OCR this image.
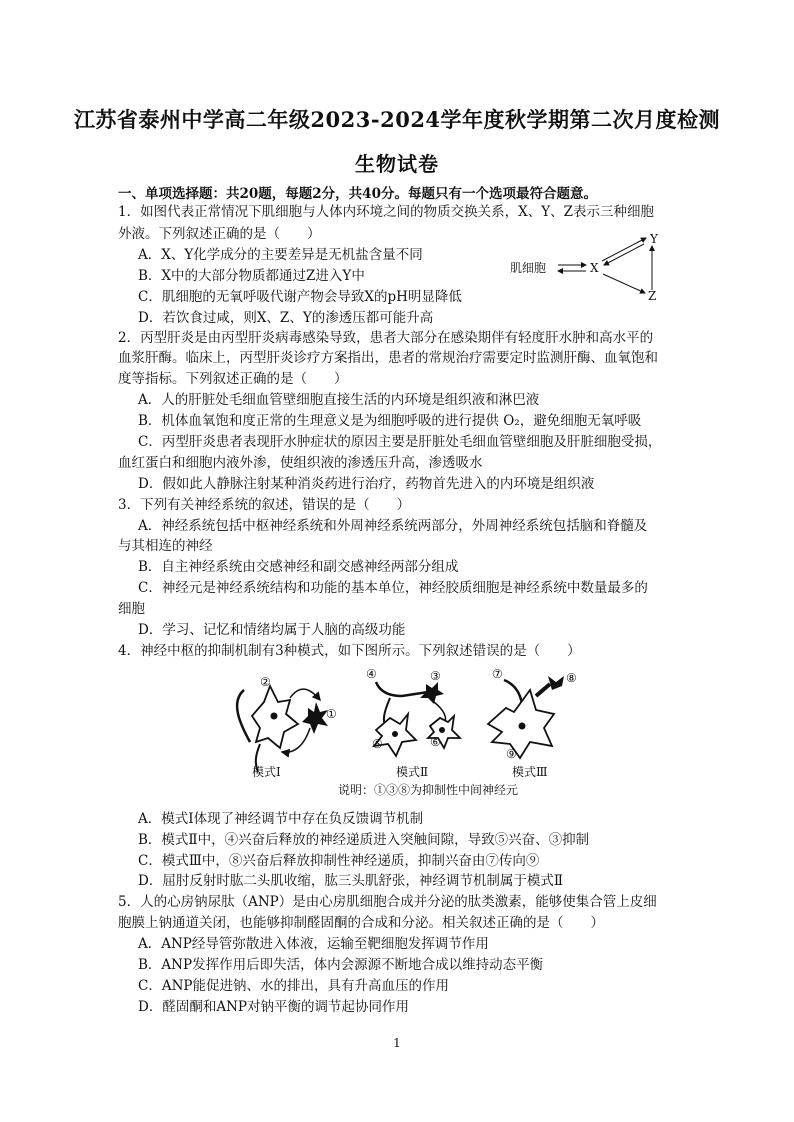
江苏省泰州中学高二年级2023-2024学年度秋学期第二次月度检测
生物试卷
一、单项选择题：共20题，每题2分，共40分。每题只有一个选项最符合题意。
1．如图代表正常情况下肌细胞与人体内环境之间的物质交换关系，X、Y、Z表示三种细胞
外液。下列叙述正确的是（　　）
A．X、Y化学成分的主要差异是无机盐含量不同
B．X中的大部分物质都通过Z进入Y中
C．肌细胞的无氧呼吸代谢产物会导致X的pH明显降低
D．若饮食过咸，则X、Z、Y的渗透压都可能升高
肌细胞	X
Y
Z
2．丙型肝炎是由丙型肝炎病毒感染导致，患者大部分在感染期伴有轻度肝水肿和高水平的
血浆肝酶。临床上，丙型肝炎诊疗方案指出，患者的常规治疗需要定时监测肝酶、血氧饱和
度等指标。下列叙述正确的是（　　）
A．人的肝脏处毛细血管壁细胞直接生活的内环境是组织液和淋巴液
B．机体血氧饱和度正常的生理意义是为细胞呼吸的进行提供 O₂，避免细胞无氧呼吸
C．丙型肝炎患者表现肝水肿症状的原因主要是肝脏处毛细血管壁细胞及肝脏细胞受损，
血红蛋白和细胞内液外渗，使组织液的渗透压升高，渗透吸水
D．假如此人静脉注射某种消炎药进行治疗，药物首先进入的内环境是组织液
3．下列有关神经系统的叙述，错误的是（　　）
A．神经系统包括中枢神经系统和外周神经系统两部分，外周神经系统包括脑和脊髓及
与其相连的神经
B．自主神经系统由交感神经和副交感神经两部分组成
C．神经元是神经系统结构和功能的基本单位，神经胶质细胞是神经系统中数量最多的
细胞
D．学习、记忆和情绪均属于人脑的高级功能
4．神经中枢的抑制机制有3种模式，如下图所示。下列叙述错误的是（　　）
②
①
模式Ⅰ
④	③
⑤	⑥
模式Ⅱ
⑦	⑧
⑨
模式Ⅲ
说明：①③⑧为抑制性中间神经元
A．模式Ⅰ体现了神经调节中存在负反馈调节机制
B．模式Ⅱ中，④兴奋后释放的神经递质进入突触间隙，导致⑤兴奋、③抑制
C．模式Ⅲ中，⑧兴奋后释放抑制性神经递质，抑制兴奋由⑦传向⑨
D．屈肘反射时肱二头肌收缩，肱三头肌舒张，神经调节机制属于模式Ⅱ
5．人的心房钠尿肽（ANP）是由心房肌细胞合成并分泌的肽类激素，能够使集合管上皮细
胞膜上钠通道关闭，也能够抑制醛固酮的合成和分泌。相关叙述正确的是（　　）
A．ANP经导管弥散进入体液，运输至靶细胞发挥调节作用
B．ANP发挥作用后即失活，体内会源源不断地合成以维持动态平衡
C．ANP能促进钠、水的排出，具有升高血压的作用
D．醛固酮和ANP对钠平衡的调节起协同作用
1
